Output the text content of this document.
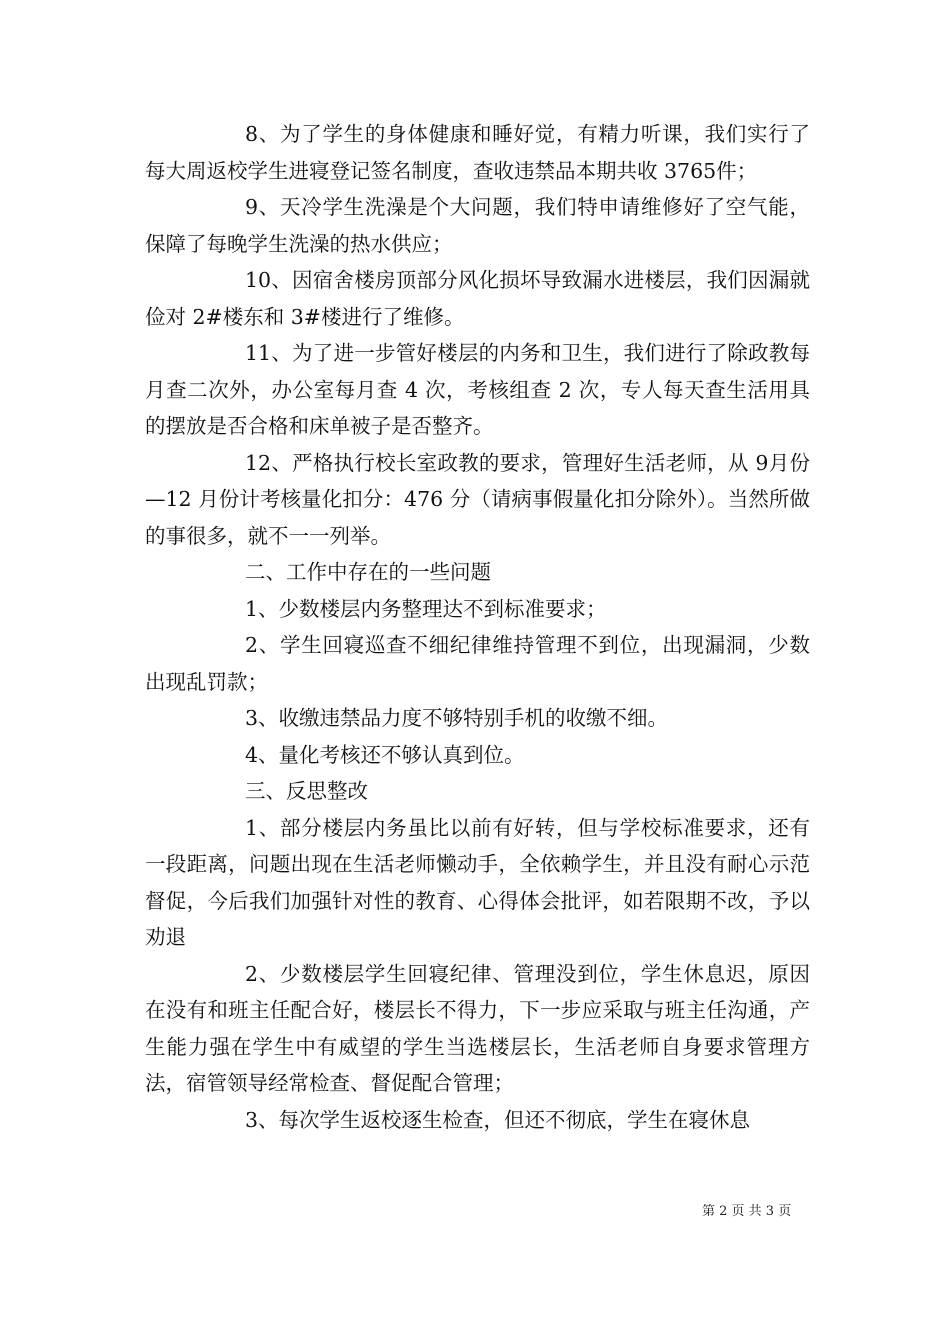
8、为了学生的身体健康和睡好觉，有精力听课，我们实行了每大周返校学生进寝登记签名制度，查收违禁品本期共收 3765件；

9、天冷学生洗澡是个大问题，我们特申请维修好了空气能，保障了每晚学生洗澡的热水供应；

10、因宿舍楼房顶部分风化损坏导致漏水进楼层，我们因漏就俭对 2#楼东和 3#楼进行了维修。

11、为了进一步管好楼层的内务和卫生，我们进行了除政教每月查二次外，办公室每月查 4 次，考核组查 2 次，专人每天查生活用具的摆放是否合格和床单被子是否整齐。

12、严格执行校长室政教的要求，管理好生活老师，从 9月份—12 月份计考核量化扣分：476 分（请病事假量化扣分除外）。当然所做的事很多，就不一一列举。

二、工作中存在的一些问题

1、少数楼层内务整理达不到标准要求；

2、学生回寝巡查不细纪律维持管理不到位，出现漏洞，少数出现乱罚款；

3、收缴违禁品力度不够特别手机的收缴不细。

4、量化考核还不够认真到位。

三、反思整改

1、部分楼层内务虽比以前有好转，但与学校标准要求，还有一段距离，问题出现在生活老师懒动手，全依赖学生，并且没有耐心示范督促，今后我们加强针对性的教育、心得体会批评，如若限期不改，予以劝退

2、少数楼层学生回寝纪律、管理没到位，学生休息迟，原因在没有和班主任配合好，楼层长不得力，下一步应采取与班主任沟通，产生能力强在学生中有威望的学生当选楼层长，生活老师自身要求管理方法，宿管领导经常检查、督促配合管理；

3、每次学生返校逐生检查，但还不彻底，学生在寝休息

第 2 页 共 3 页
